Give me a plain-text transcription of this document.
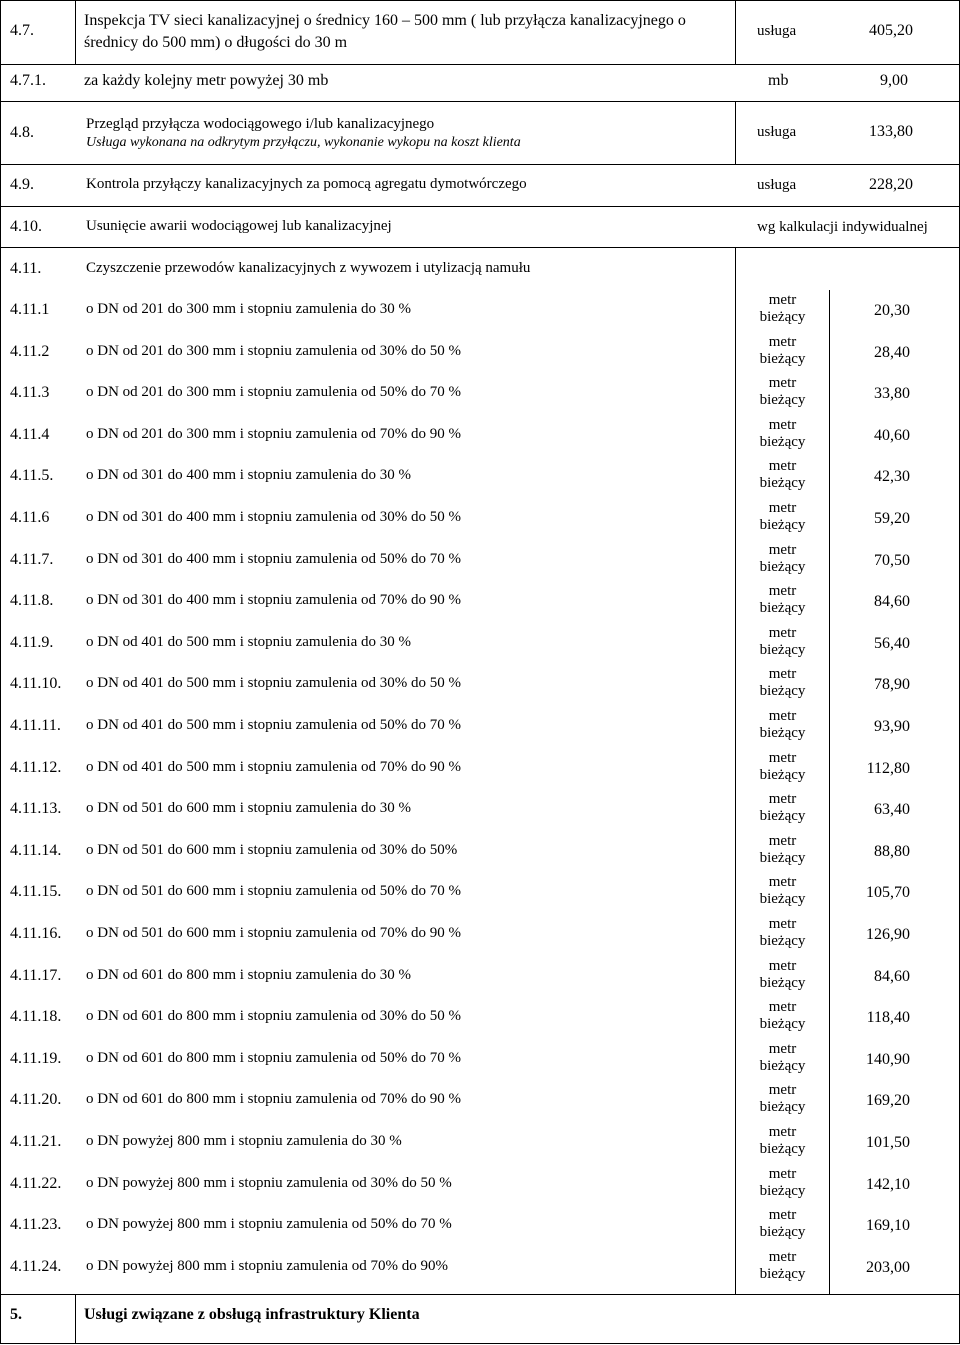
4.7.
Inspekcja TV sieci kanalizacyjnej o średnicy 160 – 500 mm ( lub przyłącza kanalizacyjnego o
średnicy do 500 mm) o długości do 30 m
usługa	405,20
4.7.1. za każdy kolejny metr powyżej 30 mb	mb	9,00
4.8.	Przegląd przyłącza wodociągowego i/lub kanalizacyjnego
Usługa wykonana na odkrytym przyłączu, wykonanie wykopu na koszt klienta
usługa	133,80
4.9.	Kontrola przyłączy kanalizacyjnych za pomocą agregatu dymotwórczego	usługa	228,20
4.10.	Usunięcie awarii wodociągowej lub kanalizacyjnej	wg kalkulacji indywidualnej
4.11.	Czyszczenie przewodów kanalizacyjnych z wywozem i utylizacją namułu
4.11.1 o DN od 201 do 300 mm i stopniu zamulenia do 30 %
metr
bieżący	20,30
4.11.2 o DN od 201 do 300 mm i stopniu zamulenia od 30% do 50 %
metr
bieżący	28,40
4.11.3 o DN od 201 do 300 mm i stopniu zamulenia od 50% do 70 %
metr
bieżący	33,80
4.11.4 o DN od 201 do 300 mm i stopniu zamulenia od 70% do 90 %
metr
bieżący	40,60
4.11.5. o DN od 301 do 400 mm i stopniu zamulenia do 30 %
metr
bieżący	42,30
4.11.6 o DN od 301 do 400 mm i stopniu zamulenia od 30% do 50 %
metr
bieżący	59,20
4.11.7. o DN od 301 do 400 mm i stopniu zamulenia od 50% do 70 %
metr
bieżący	70,50
4.11.8. o DN od 301 do 400 mm i stopniu zamulenia od 70% do 90 %
metr
bieżący	84,60
4.11.9. o DN od 401 do 500 mm i stopniu zamulenia do 30 %
metr
bieżący	56,40
4.11.10. o DN od 401 do 500 mm i stopniu zamulenia od 30% do 50 %
metr
bieżący	78,90
4.11.11. o DN od 401 do 500 mm i stopniu zamulenia od 50% do 70 %
metr
bieżący	93,90
4.11.12. o DN od 401 do 500 mm i stopniu zamulenia od 70% do 90 %
metr
bieżący	112,80
4.11.13. o DN od 501 do 600 mm i stopniu zamulenia do 30 %
metr
bieżący	63,40
4.11.14. o DN od 501 do 600 mm i stopniu zamulenia od 30% do 50%
metr
bieżący	88,80
4.11.15. o DN od 501 do 600 mm i stopniu zamulenia od 50% do 70 %
metr
bieżący	105,70
4.11.16. o DN od 501 do 600 mm i stopniu zamulenia od 70% do 90 %
metr
bieżący	126,90
4.11.17. o DN od 601 do 800 mm i stopniu zamulenia do 30 %
metr
bieżący	84,60
4.11.18. o DN od 601 do 800 mm i stopniu zamulenia od 30% do 50 %
metr
bieżący	118,40
4.11.19. o DN od 601 do 800 mm i stopniu zamulenia od 50% do 70 %
metr
bieżący	140,90
4.11.20. o DN od 601 do 800 mm i stopniu zamulenia od 70% do 90 %
metr
bieżący	169,20
4.11.21. o DN powyżej 800 mm i stopniu zamulenia do 30 %
metr
bieżący	101,50
4.11.22. o DN powyżej 800 mm i stopniu zamulenia od 30% do 50 %
metr
bieżący	142,10
4.11.23. o DN powyżej 800 mm i stopniu zamulenia od 50% do 70 %
metr
bieżący	169,10
4.11.24. o DN powyżej 800 mm i stopniu zamulenia od 70% do 90%
metr
bieżący	203,00
5.	Usługi związane z obsługą infrastruktury Klienta
